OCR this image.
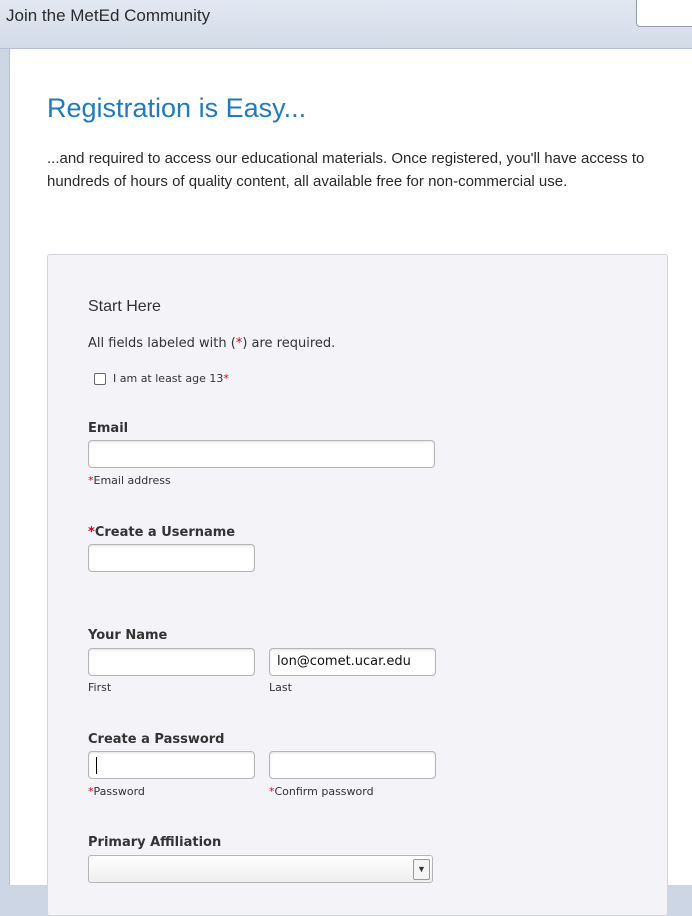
Join the MetEd Community
Registration is Easy...

...and required to access our educational materials. Once registered, you'll have access to hundreds of hours of quality content, all available free for non-commercial use.

Start Here
All fields labeled with (*) are required.
I am at least age 13*
Email
*Email address
*Create a Username
Your Name
First
lon@comet.ucar.edu
Last
Create a Password
*Password	*Confirm password
Primary Affiliation
▼
